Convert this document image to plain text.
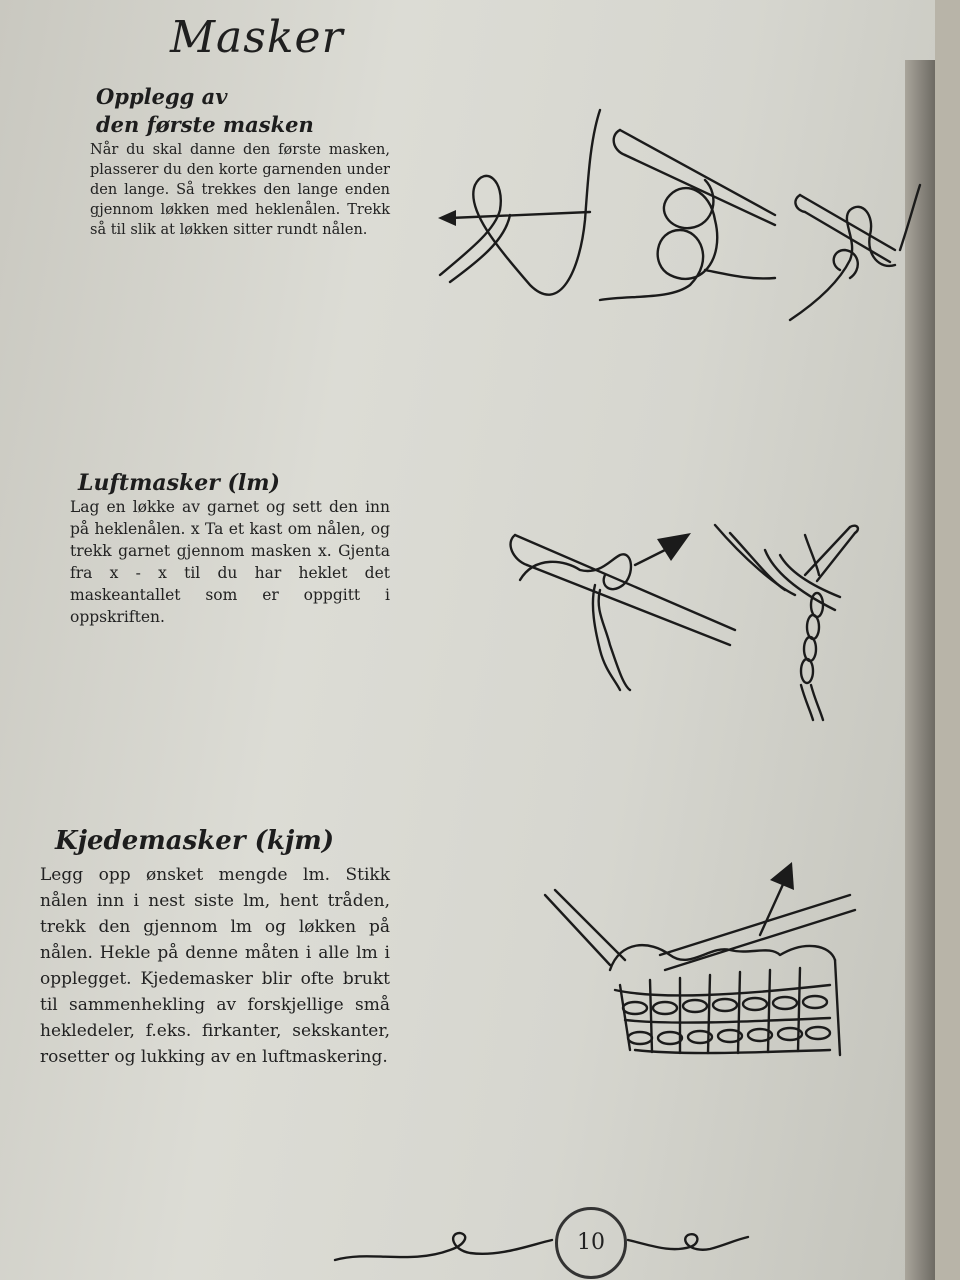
Masker
Opplegg av
den første masken

Når du skal danne den første masken, plasserer du den korte garnenden under den lange. Så trekkes den lange enden gjennom løkken med heklenålen. Trekk så til slik at løkken sitter rundt nålen.

Luftmasker (lm)

Lag en løkke av garnet og sett den inn på heklenålen. x Ta et kast om nålen, og trekk garnet gjennom masken x. Gjenta fra x - x til du har heklet det maskeantallet som er oppgitt i oppskriften.

Kjedemasker (kjm)

Legg opp ønsket mengde lm. Stikk nålen inn i nest siste lm, hent tråden, trekk den gjennom lm og løkken på nålen. Hekle på denne måten i alle lm i opplegget. Kjedemasker blir ofte brukt til sammenhekling av forskjellige små hekledeler, f.eks. firkanter, sekskanter, rosetter og lukking av en luftmaskering.

10
